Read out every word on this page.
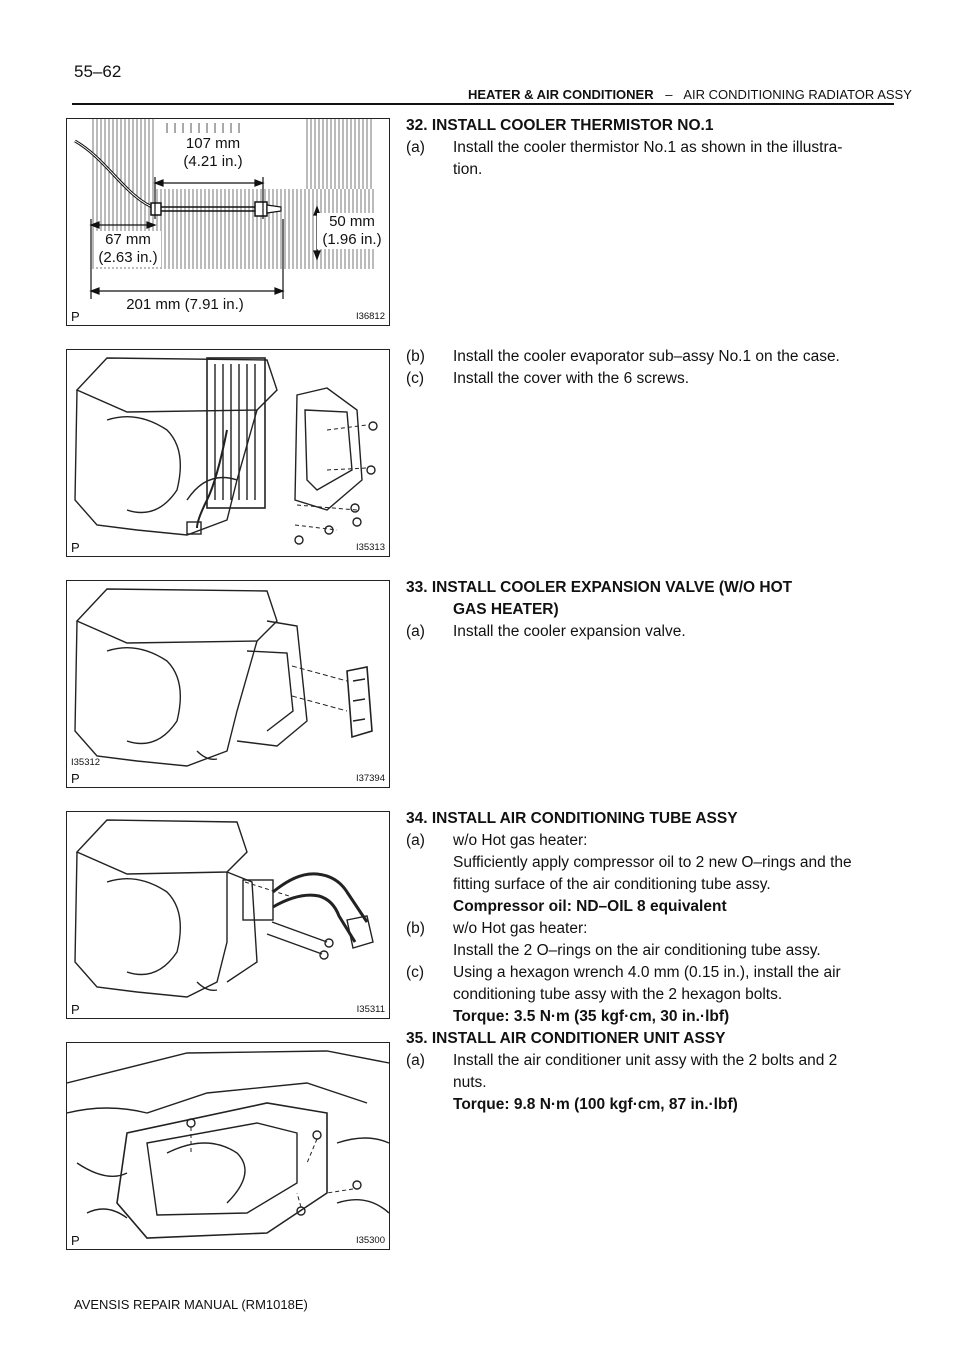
55–62
HEATER & AIR CONDITIONER – AIR CONDITIONING RADIATOR ASSY
107 mm
(4.21 in.)
50 mm
(1.96 in.)
67 mm
(2.63 in.)
201 mm (7.91 in.)
P	I36812
P	I35313
I35312
P	I37394
P	I35311
P	I35300
32. INSTALL COOLER THERMISTOR NO.1
(a) Install the cooler thermistor No.1 as shown in the illustra-
tion.
(b) Install the cooler evaporator sub–assy No.1 on the case.
(c) Install the cover with the 6 screws.
33. INSTALL COOLER EXPANSION VALVE (W/O HOT
GAS HEATER)
(a) Install the cooler expansion valve.
34. INSTALL AIR CONDITIONING TUBE ASSY
(a) w/o Hot gas heater:
Sufficiently apply compressor oil to 2 new O–rings and the
fitting surface of the air conditioning tube assy.
Compressor oil: ND–OIL 8 equivalent
(b) w/o Hot gas heater:
Install the 2 O–rings on the air conditioning tube assy.
(c) Using a hexagon wrench 4.0 mm (0.15 in.), install the air
conditioning tube assy with the 2 hexagon bolts.
Torque: 3.5 N·m (35 kgf·cm, 30 in.·lbf)
35. INSTALL AIR CONDITIONER UNIT ASSY
(a) Install the air conditioner unit assy with the 2 bolts and 2
nuts.
Torque: 9.8 N·m (100 kgf·cm, 87 in.·lbf)
AVENSIS REPAIR MANUAL (RM1018E)
